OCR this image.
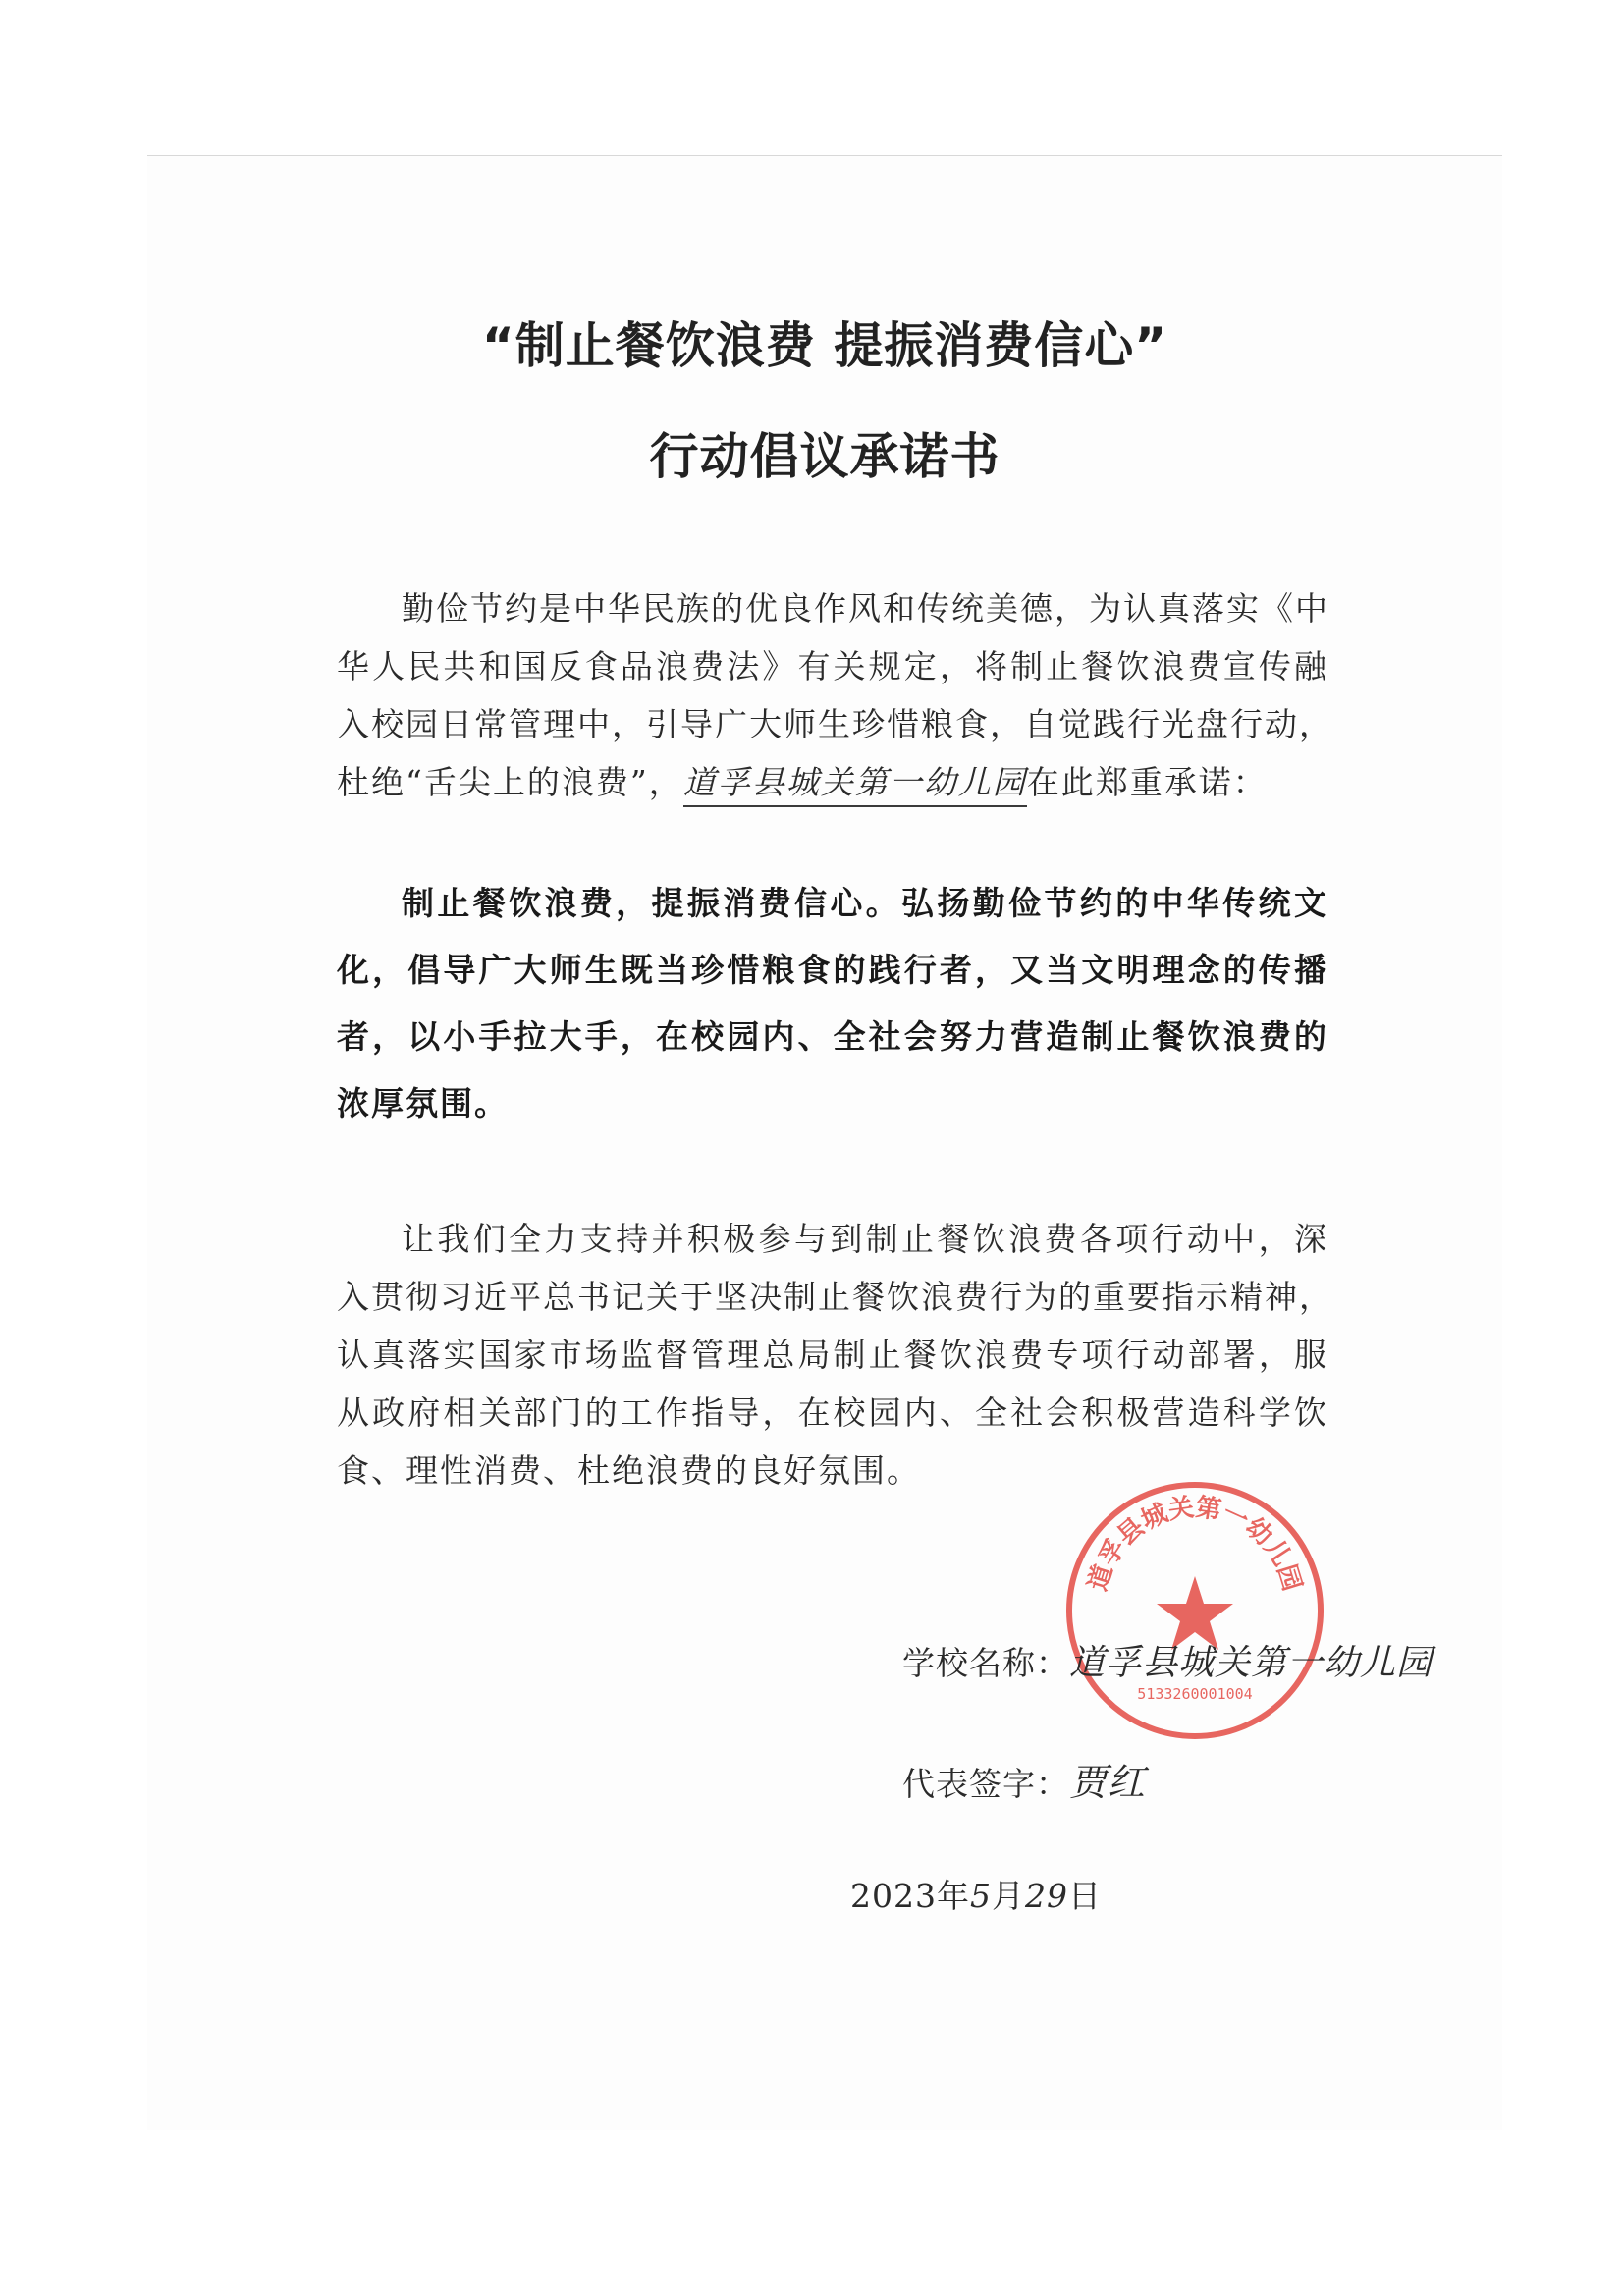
“制止餐饮浪费 提振消费信心”
行动倡议承诺书

勤俭节约是中华民族的优良作风和传统美德，为认真落实《中

华人民共和国反食品浪费法》有关规定，将制止餐饮浪费宣传融

入校园日常管理中，引导广大师生珍惜粮食，自觉践行光盘行动，

杜绝“舌尖上的浪费”，道孚县城关第一幼儿园在此郑重承诺：

制止餐饮浪费，提振消费信心。弘扬勤俭节约的中华传统文

化，倡导广大师生既当珍惜粮食的践行者，又当文明理念的传播

者，以小手拉大手，在校园内、全社会努力营造制止餐饮浪费的

浓厚氛围。

让我们全力支持并积极参与到制止餐饮浪费各项行动中，深

入贯彻习近平总书记关于坚决制止餐饮浪费行为的重要指示精神，

认真落实国家市场监督管理总局制止餐饮浪费专项行动部署，服

从政府相关部门的工作指导，在校园内、全社会积极营造科学饮

食、理性消费、杜绝浪费的良好氛围。

道孚县城关第一幼儿园
5133260001004
学校名称：道孚县城关第一幼儿园
代表签字：贾红
2023年5月29日
